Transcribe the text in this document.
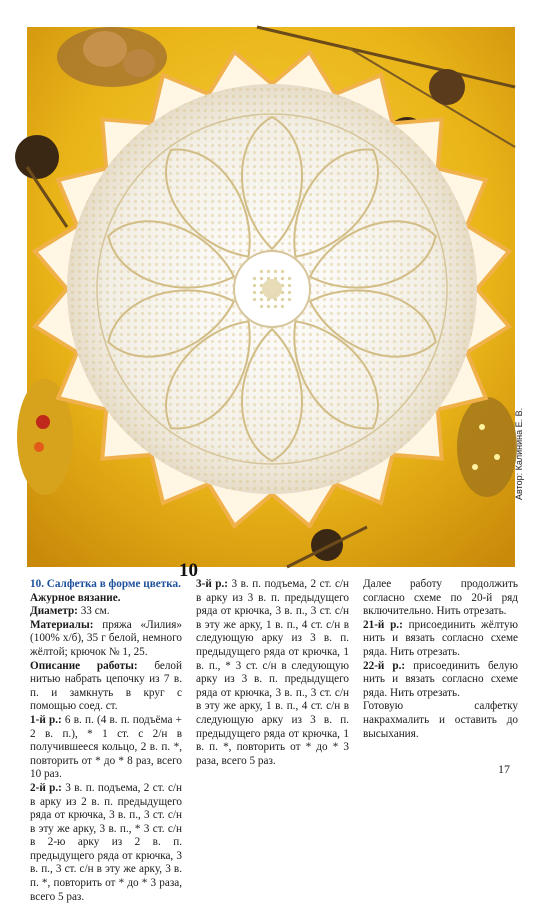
10
Автор: Калинина Е. В.

10. Салфетка в форме цветка.

Ажурное вязание.

Диаметр: 33 см.

Материалы: пряжа «Лилия» (100% х/б), 35 г белой, немного жёлтой; крючок № 1, 25.

Описание работы: белой нитью набрать цепочку из 7 в. п. и замкнуть в круг с помощью соед. ст.

1-й р.: 6 в. п. (4 в. п. подъёма + 2 в. п.), * 1 ст. с 2/н в получившееся кольцо, 2 в. п. *, повторить от * до * 8 раз, всего 10 раз.

2-й р.: 3 в. п. подъема, 2 ст. с/н в арку из 2 в. п. предыдущего ряда от крючка, 3 в. п., 3 ст. с/н в эту же арку, 3 в. п., * 3 ст. с/н в 2-ю арку из 2 в. п. предыдущего ряда от крючка, 3 в. п., 3 ст. с/н в эту же арку, 3 в. п. *, повторить от * до * 3 раза, всего 5 раз.

3-й р.: 3 в. п. подъема, 2 ст. с/н в арку из 3 в. п. предыдущего ряда от крючка, 3 в. п., 3 ст. с/н в эту же арку, 1 в. п., 4 ст. с/н в следующую арку из 3 в. п. предыдущего ряда от крючка, 1 в. п., * 3 ст. с/н в следующую арку из 3 в. п. предыдущего ряда от крючка, 3 в. п., 3 ст. с/н в эту же арку, 1 в. п., 4 ст. с/н в следующую арку из 3 в. п. предыдущего ряда от крючка, 1 в. п. *, повторить от * до * 3 раза, всего 5 раз.

Далее работу продолжить согласно схеме по 20-й ряд включительно. Нить отрезать.

21-й р.: присоединить жёлтую нить и вязать согласно схеме ряда. Нить отрезать.

22-й р.: присоединить белую нить и вязать согласно схеме ряда. Нить отрезать.

Готовую салфетку накрахмалить и оставить до высыхания.

17
